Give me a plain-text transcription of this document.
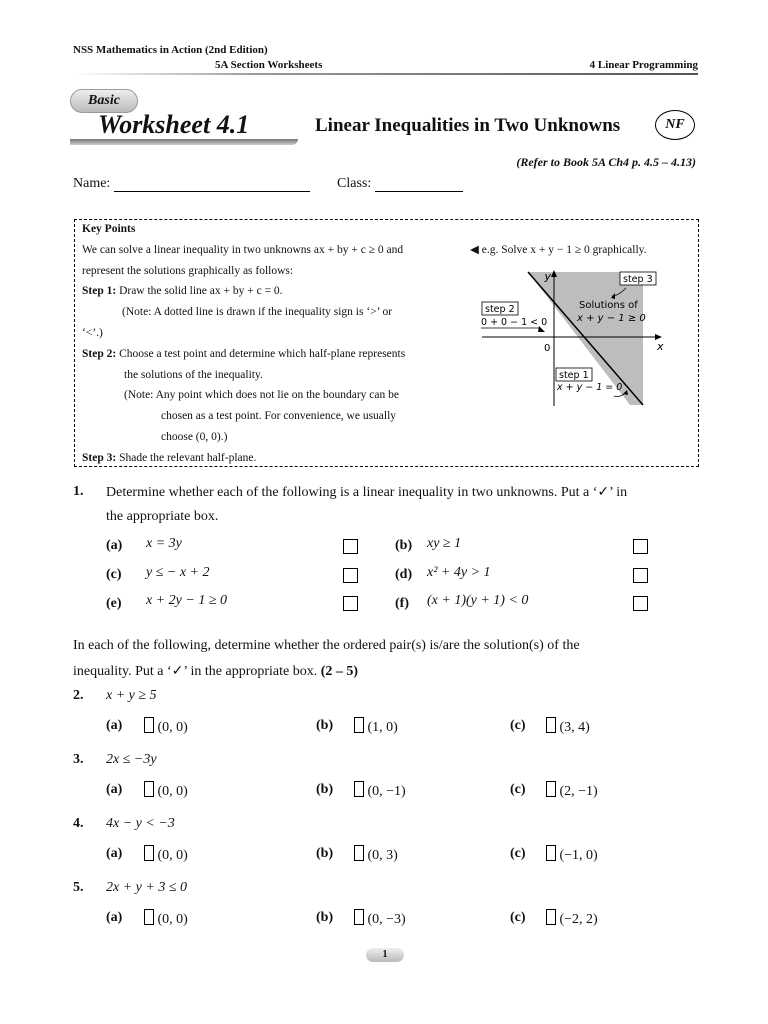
NSS Mathematics in Action (2nd Edition)
5A Section Worksheets	4 Linear Programming
Basic
Worksheet 4.1	Linear Inequalities in Two Unknowns	NF
(Refer to Book 5A Ch4 p. 4.5 – 4.13)
Name:	Class:
Key Points
We can solve a linear inequality in two unknowns ax + by + c ≥ 0 and
represent the solutions graphically as follows:
Step 1: Draw the solid line ax + by + c = 0.
(Note: A dotted line is drawn if the inequality sign is ‘>’ or
‘<’.)
Step 2: Choose a test point and determine which half-plane represents
the solutions of the inequality.
(Note: Any point which does not lie on the boundary can be
chosen as a test point. For convenience, we usually
choose (0, 0).)
Step 3: Shade the relevant half-plane.
◀ e.g. Solve x + y − 1 ≥ 0 graphically.
y
x
0
step 3
Solutions of
x + y − 1 ≥ 0
step 2
0 + 0 − 1 < 0
step 1
x + y − 1 = 0
1. Determine whether each of the following is a linear inequality in two unknowns. Put a ‘✓’ in
the appropriate box.
(a) x = 3y	(b) xy ≥ 1
(c) y ≤ − x + 2	(d) x² + 4y > 1
(e) x + 2y − 1 ≥ 0	(f) (x + 1)(y + 1) < 0
In each of the following, determine whether the ordered pair(s) is/are the solution(s) of the
inequality. Put a ‘✓’ in the appropriate box. (2 – 5)
2. x + y ≥ 5
(a)	(0, 0)	(b)	(1, 0)	(c)	(3, 4)
3. 2x ≤ −3y
(a)	(0, 0)	(b)	(0, −1)	(c)	(2, −1)
4. 4x − y < −3
(a)	(0, 0)	(b)	(0, 3)	(c)	(−1, 0)
5. 2x + y + 3 ≤ 0
(a)	(0, 0)	(b)	(0, −3)	(c)	(−2, 2)
1
